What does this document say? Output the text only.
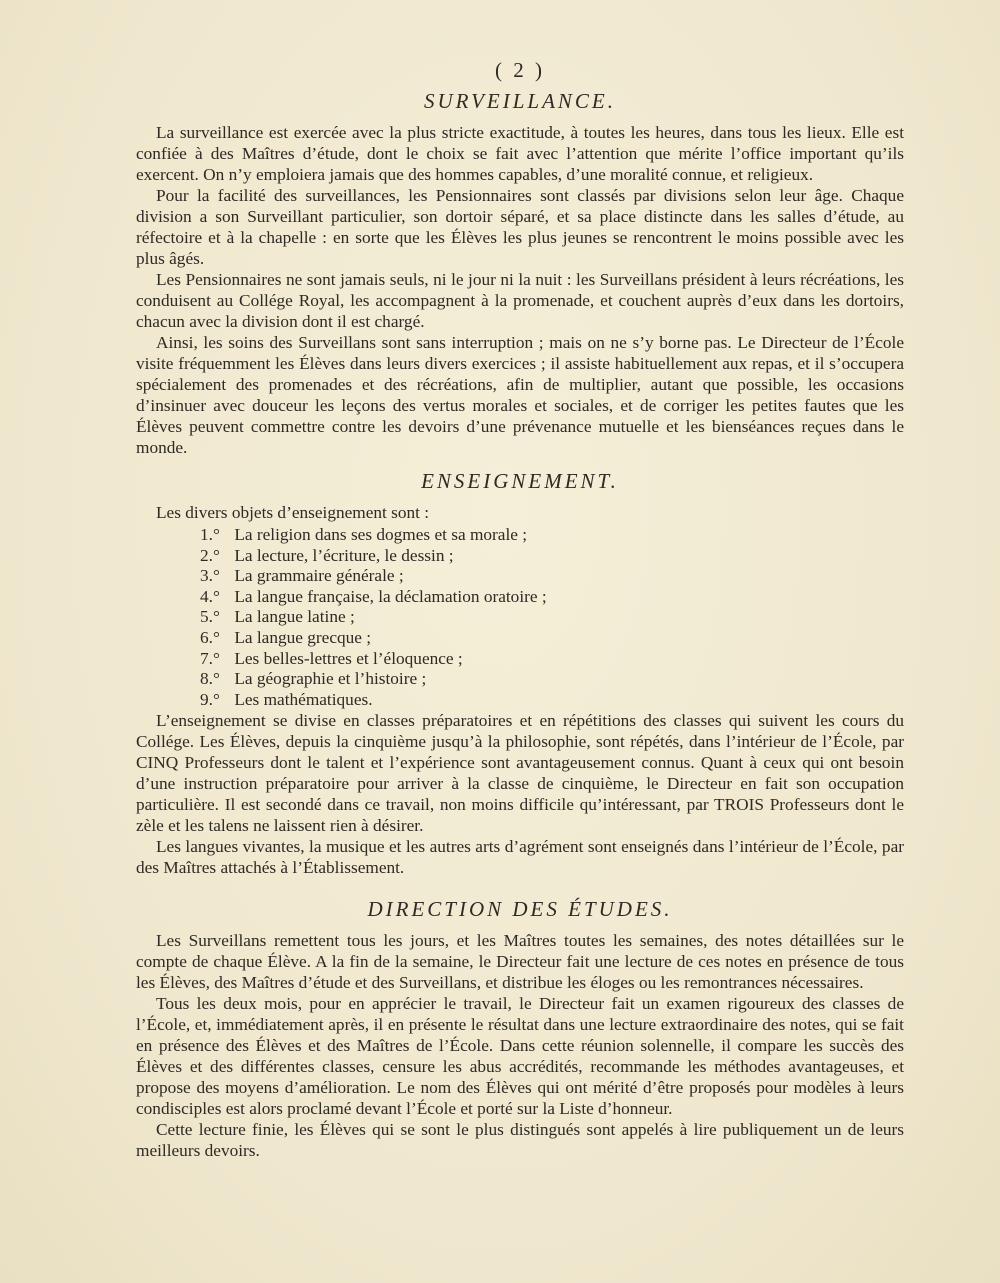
( 2 )
SURVEILLANCE.

La surveillance est exercée avec la plus stricte exactitude, à toutes les heures, dans tous les lieux. Elle est confiée à des Maîtres d’étude, dont le choix se fait avec l’attention que mérite l’office important qu’ils exercent. On n’y emploiera jamais que des hommes capables, d’une moralité connue, et religieux.

Pour la facilité des surveillances, les Pensionnaires sont classés par divisions selon leur âge. Chaque division a son Surveillant particulier, son dortoir séparé, et sa place distincte dans les salles d’étude, au réfectoire et à la chapelle : en sorte que les Élèves les plus jeunes se rencontrent le moins possible avec les plus âgés.

Les Pensionnaires ne sont jamais seuls, ni le jour ni la nuit : les Surveillans président à leurs récréations, les conduisent au Collége Royal, les accompagnent à la promenade, et couchent auprès d’eux dans les dortoirs, chacun avec la division dont il est chargé.

Ainsi, les soins des Surveillans sont sans interruption ; mais on ne s’y borne pas. Le Directeur de l’École visite fréquemment les Élèves dans leurs divers exercices ; il assiste habituellement aux repas, et il s’occupera spécialement des promenades et des récréations, afin de multiplier, autant que possible, les occasions d’insinuer avec douceur les leçons des vertus morales et sociales, et de corriger les petites fautes que les Élèves peuvent commettre contre les devoirs d’une prévenance mutuelle et les bienséances reçues dans le monde.

ENSEIGNEMENT.
Les divers objets d’enseignement sont :
1.° La religion dans ses dogmes et sa morale ;
2.° La lecture, l’écriture, le dessin ;
3.° La grammaire générale ;
4.° La langue française, la déclamation oratoire ;
5.° La langue latine ;
6.° La langue grecque ;
7.° Les belles-lettres et l’éloquence ;
8.° La géographie et l’histoire ;
9.° Les mathématiques.

L’enseignement se divise en classes préparatoires et en répétitions des classes qui suivent les cours du Collége. Les Élèves, depuis la cinquième jusqu’à la philosophie, sont répétés, dans l’intérieur de l’École, par CINQ Professeurs dont le talent et l’expérience sont avantageusement connus. Quant à ceux qui ont besoin d’une instruction préparatoire pour arriver à la classe de cinquième, le Directeur en fait son occupation particulière. Il est secondé dans ce travail, non moins difficile qu’intéressant, par TROIS Professeurs dont le zèle et les talens ne laissent rien à désirer.

Les langues vivantes, la musique et les autres arts d’agrément sont enseignés dans l’intérieur de l’École, par des Maîtres attachés à l’Établissement.

DIRECTION DES ÉTUDES.

Les Surveillans remettent tous les jours, et les Maîtres toutes les semaines, des notes détaillées sur le compte de chaque Élève. A la fin de la semaine, le Directeur fait une lecture de ces notes en présence de tous les Élèves, des Maîtres d’étude et des Surveillans, et distribue les éloges ou les remontrances nécessaires.

Tous les deux mois, pour en apprécier le travail, le Directeur fait un examen rigoureux des classes de l’École, et, immédiatement après, il en présente le résultat dans une lecture extraordinaire des notes, qui se fait en présence des Élèves et des Maîtres de l’École. Dans cette réunion solennelle, il compare les succès des Élèves et des différentes classes, censure les abus accrédités, recommande les méthodes avantageuses, et propose des moyens d’amélioration. Le nom des Élèves qui ont mérité d’être proposés pour modèles à leurs condisciples est alors proclamé devant l’École et porté sur la Liste d’honneur.

Cette lecture finie, les Élèves qui se sont le plus distingués sont appelés à lire publiquement un de leurs meilleurs devoirs.
